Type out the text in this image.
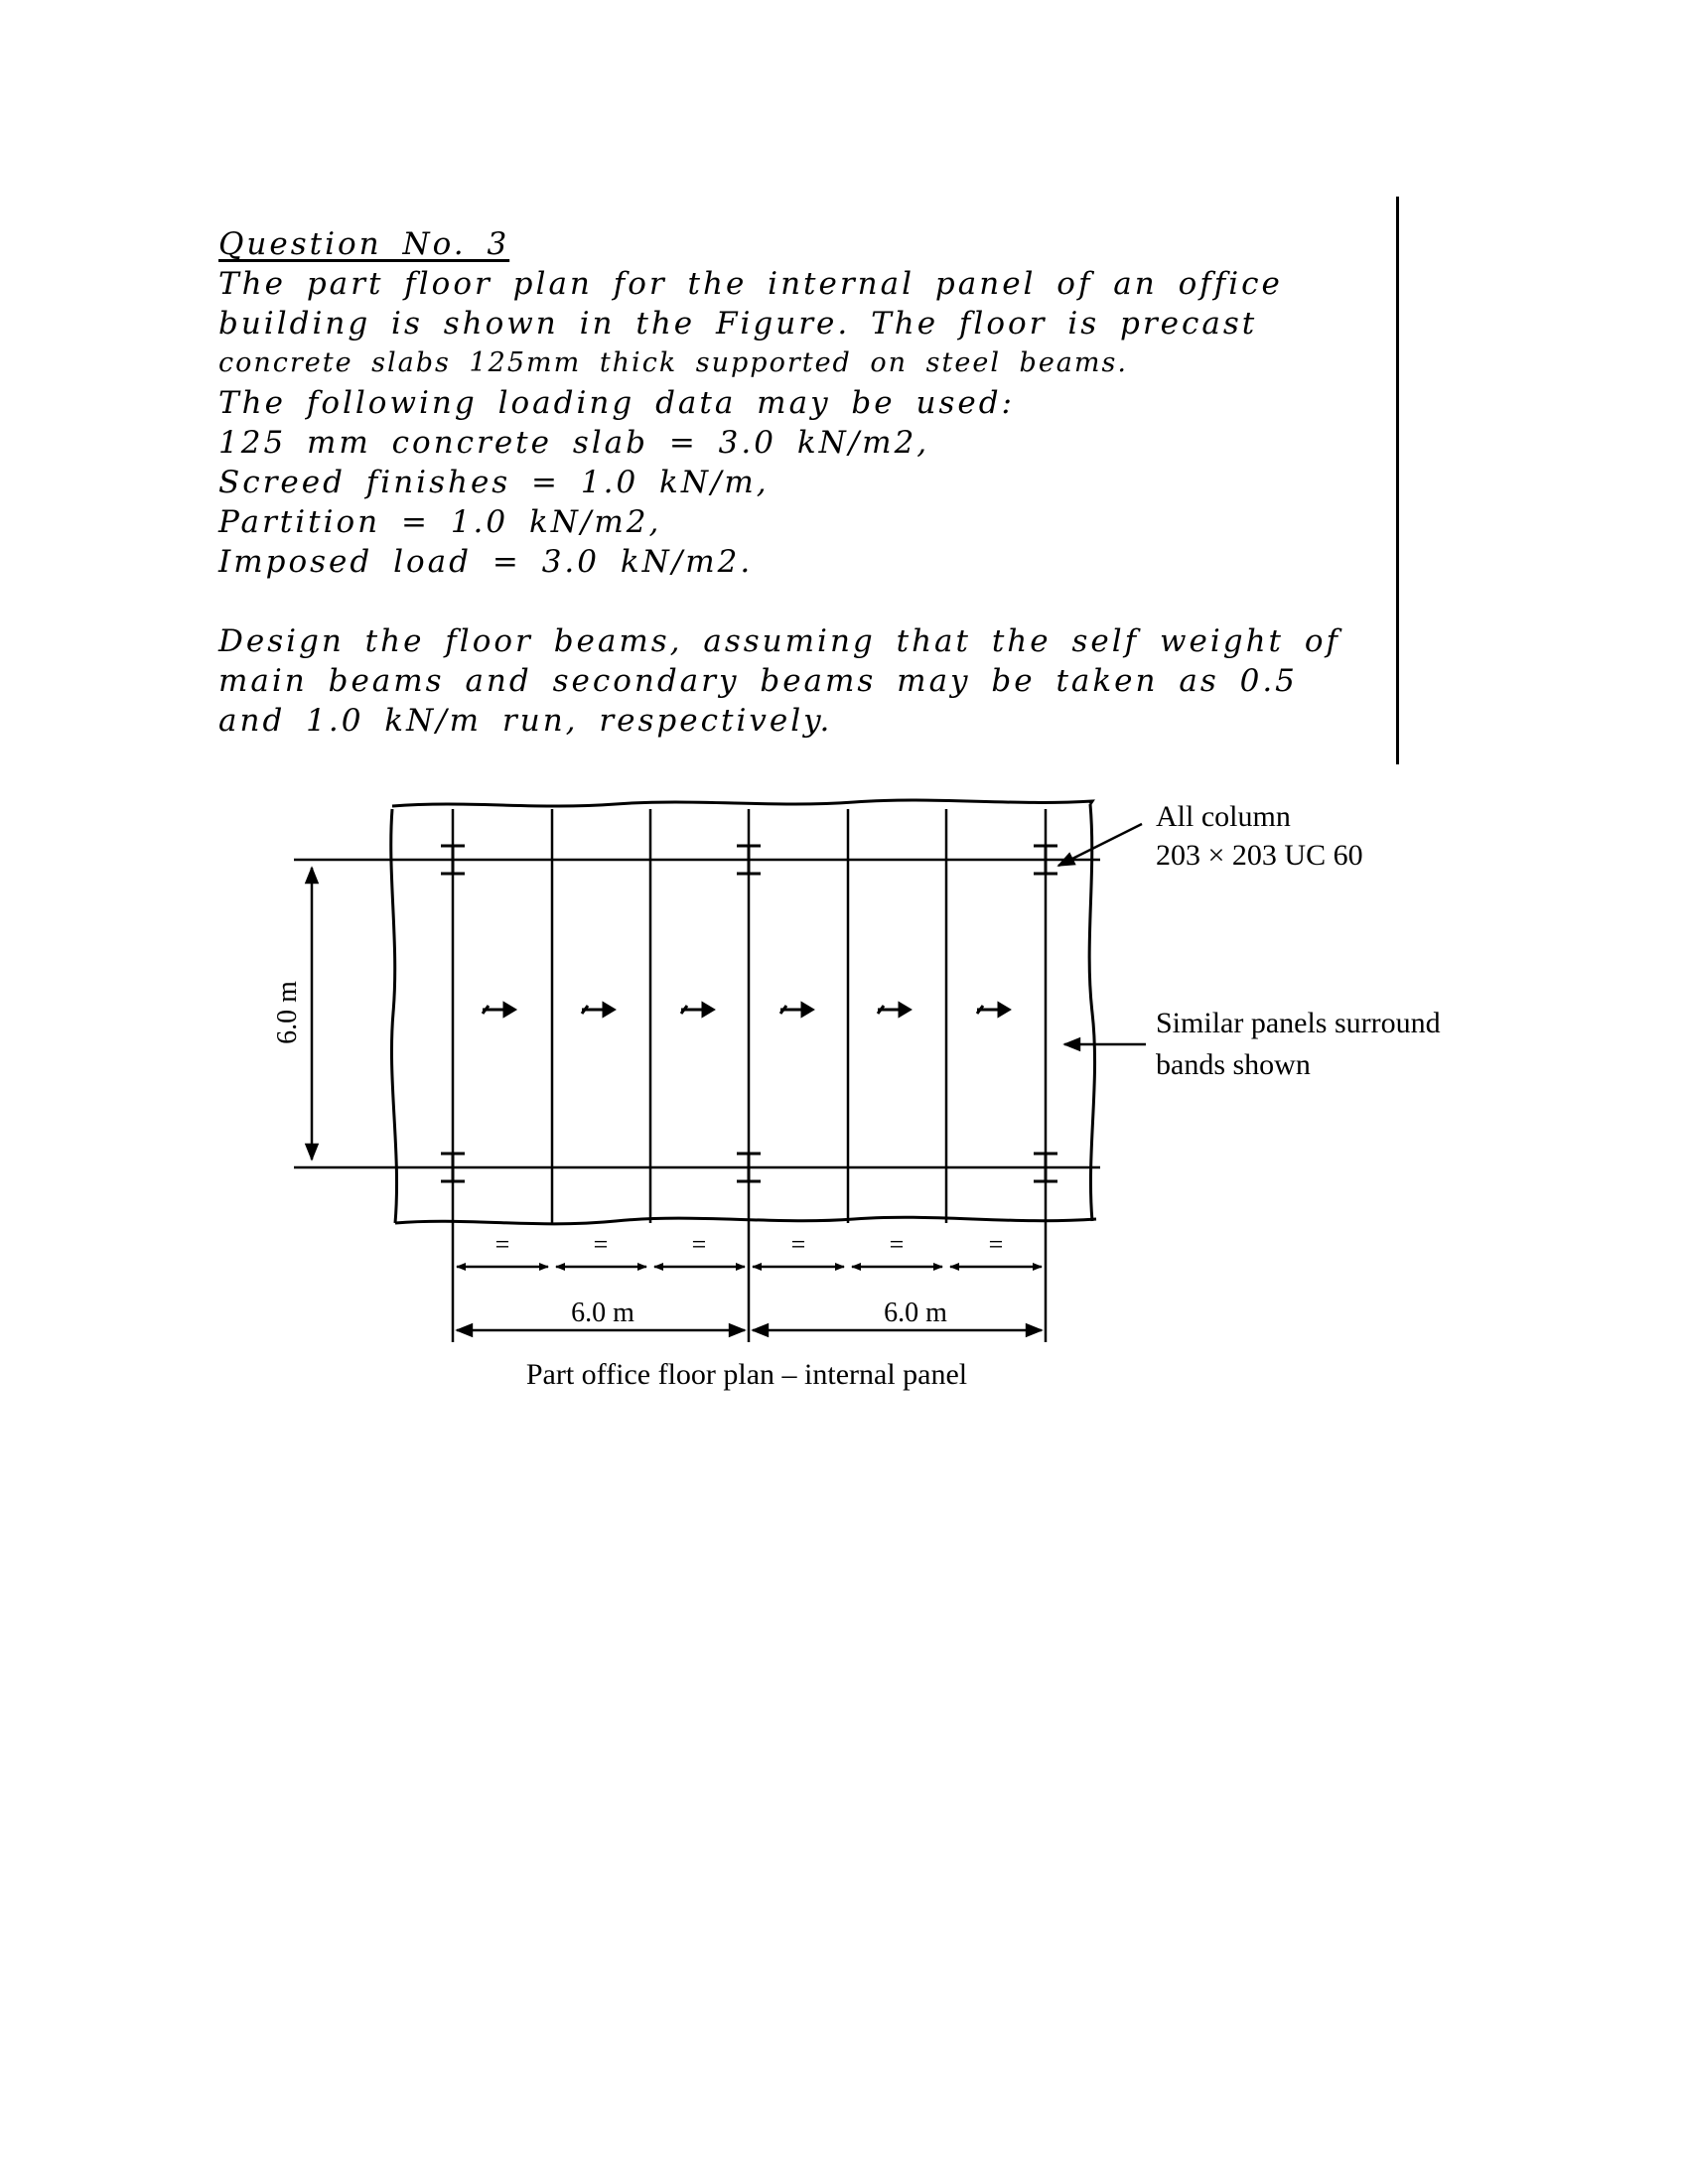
Question No. 3
The part floor plan for the internal panel of an office
building is shown in the Figure. The floor is precast
concrete slabs 125mm thick supported on steel beams.
The following loading data may be used:
125 mm concrete slab = 3.0 kN/m2,
Screed finishes = 1.0 kN/m,
Partition = 1.0 kN/m2,
Imposed load = 3.0 kN/m2.
Design the floor beams, assuming that the self weight of
main beams and secondary beams may be taken as 0.5
and 1.0 kN/m run, respectively.
6.0 m
=	=	=	=	=	=
6.0 m	6.0 m
All column
203 × 203 UC 60
Similar panels surround
bands shown
Part office floor plan – internal panel
